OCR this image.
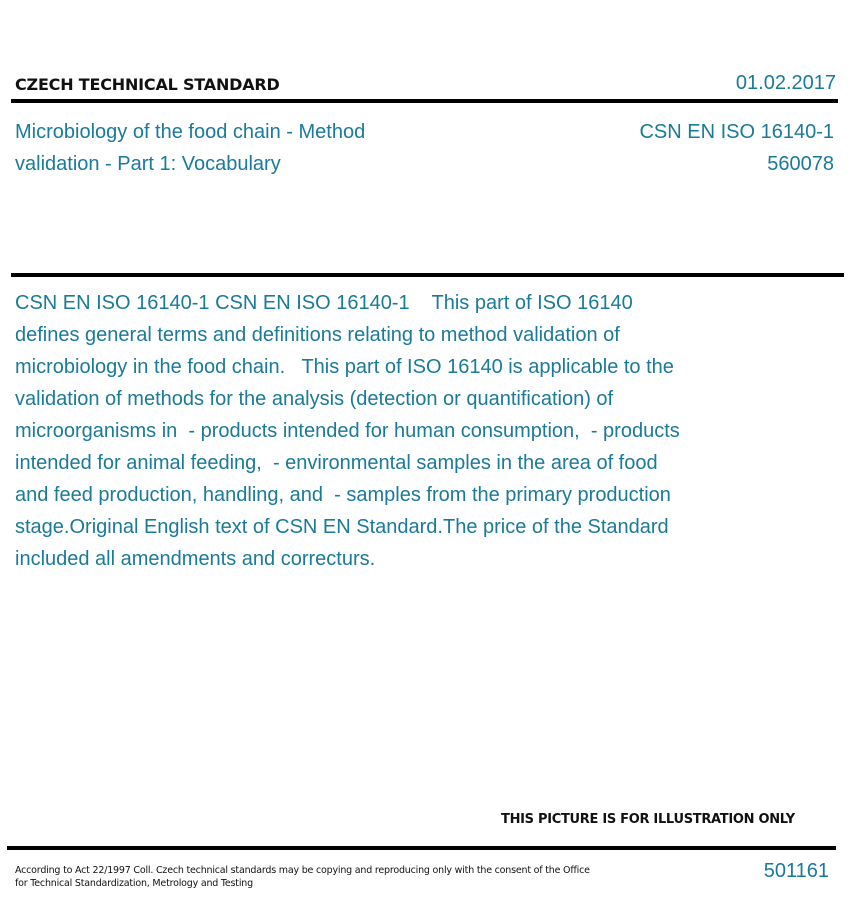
CZECH TECHNICAL STANDARD	01.02.2017
Microbiology of the food chain - Method validation - Part 1: Vocabulary
CSN EN ISO 16140-1
560078
CSN EN ISO 16140-1 CSN EN ISO 16140-1    This part of ISO 16140 defines general terms and definitions relating to method validation of microbiology in the food chain.   This part of ISO 16140 is applicable to the validation of methods for the analysis (detection or quantification) of microorganisms in  - products intended for human consumption,  - products intended for animal feeding,  - environmental samples in the area of food and feed production, handling, and  - samples from the primary production stage.Original English text of CSN EN Standard.The price of the Standard included all amendments and correcturs.
THIS PICTURE IS FOR ILLUSTRATION ONLY
According to Act 22/1997 Coll. Czech technical standards may be copying and reproducing only with the consent of the Office for Technical Standardization, Metrology and Testing
501161
